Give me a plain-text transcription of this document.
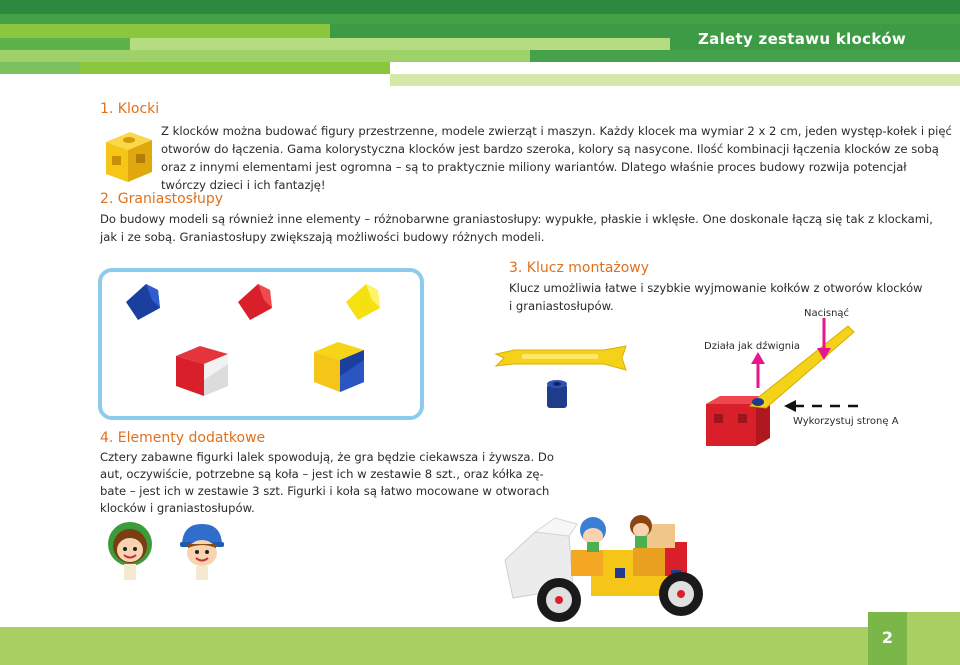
Zalety zestawu klocków
1. Klocki
Z klocków można budować figury przestrzenne, modele zwierząt i maszyn. Każdy klocek ma wymiar 2 x 2 cm, jeden występ-kołek i pięć
otworów do łączenia. Gama kolorystyczna klocków jest bardzo szeroka, kolory są nasycone. Ilość kombinacji łączenia klocków ze sobą
oraz z innymi elementami jest ogromna – są to praktycznie miliony wariantów. Dlatego właśnie proces budowy rozwija potencjał
twórczy dzieci i ich fantazję!
2. Graniastosłupy
Do budowy modeli są również inne elementy – różnobarwne graniastosłupy: wypukłe, płaskie i wklęsłe. One doskonale łączą się tak z klockami,
jak i ze sobą. Graniastosłupy zwiększają możliwości budowy różnych modeli.
3. Klucz montażowy
Klucz umożliwia łatwe i szybkie wyjmowanie kołków z otworów klocków
i graniastosłupów.
Nacisnąć
Działa jak dźwignia
Wykorzystuj stronę A
4. Elementy dodatkowe
Cztery zabawne figurki lalek spowodują, że gra będzie ciekawsza i żywsza. Do
aut, oczywiście, potrzebne są koła – jest ich w zestawie 8 szt., oraz kółka zę-
bate – jest ich w zestawie 3 szt. Figurki i koła są łatwo mocowane w otworach
klocków i graniastosłupów.
2
